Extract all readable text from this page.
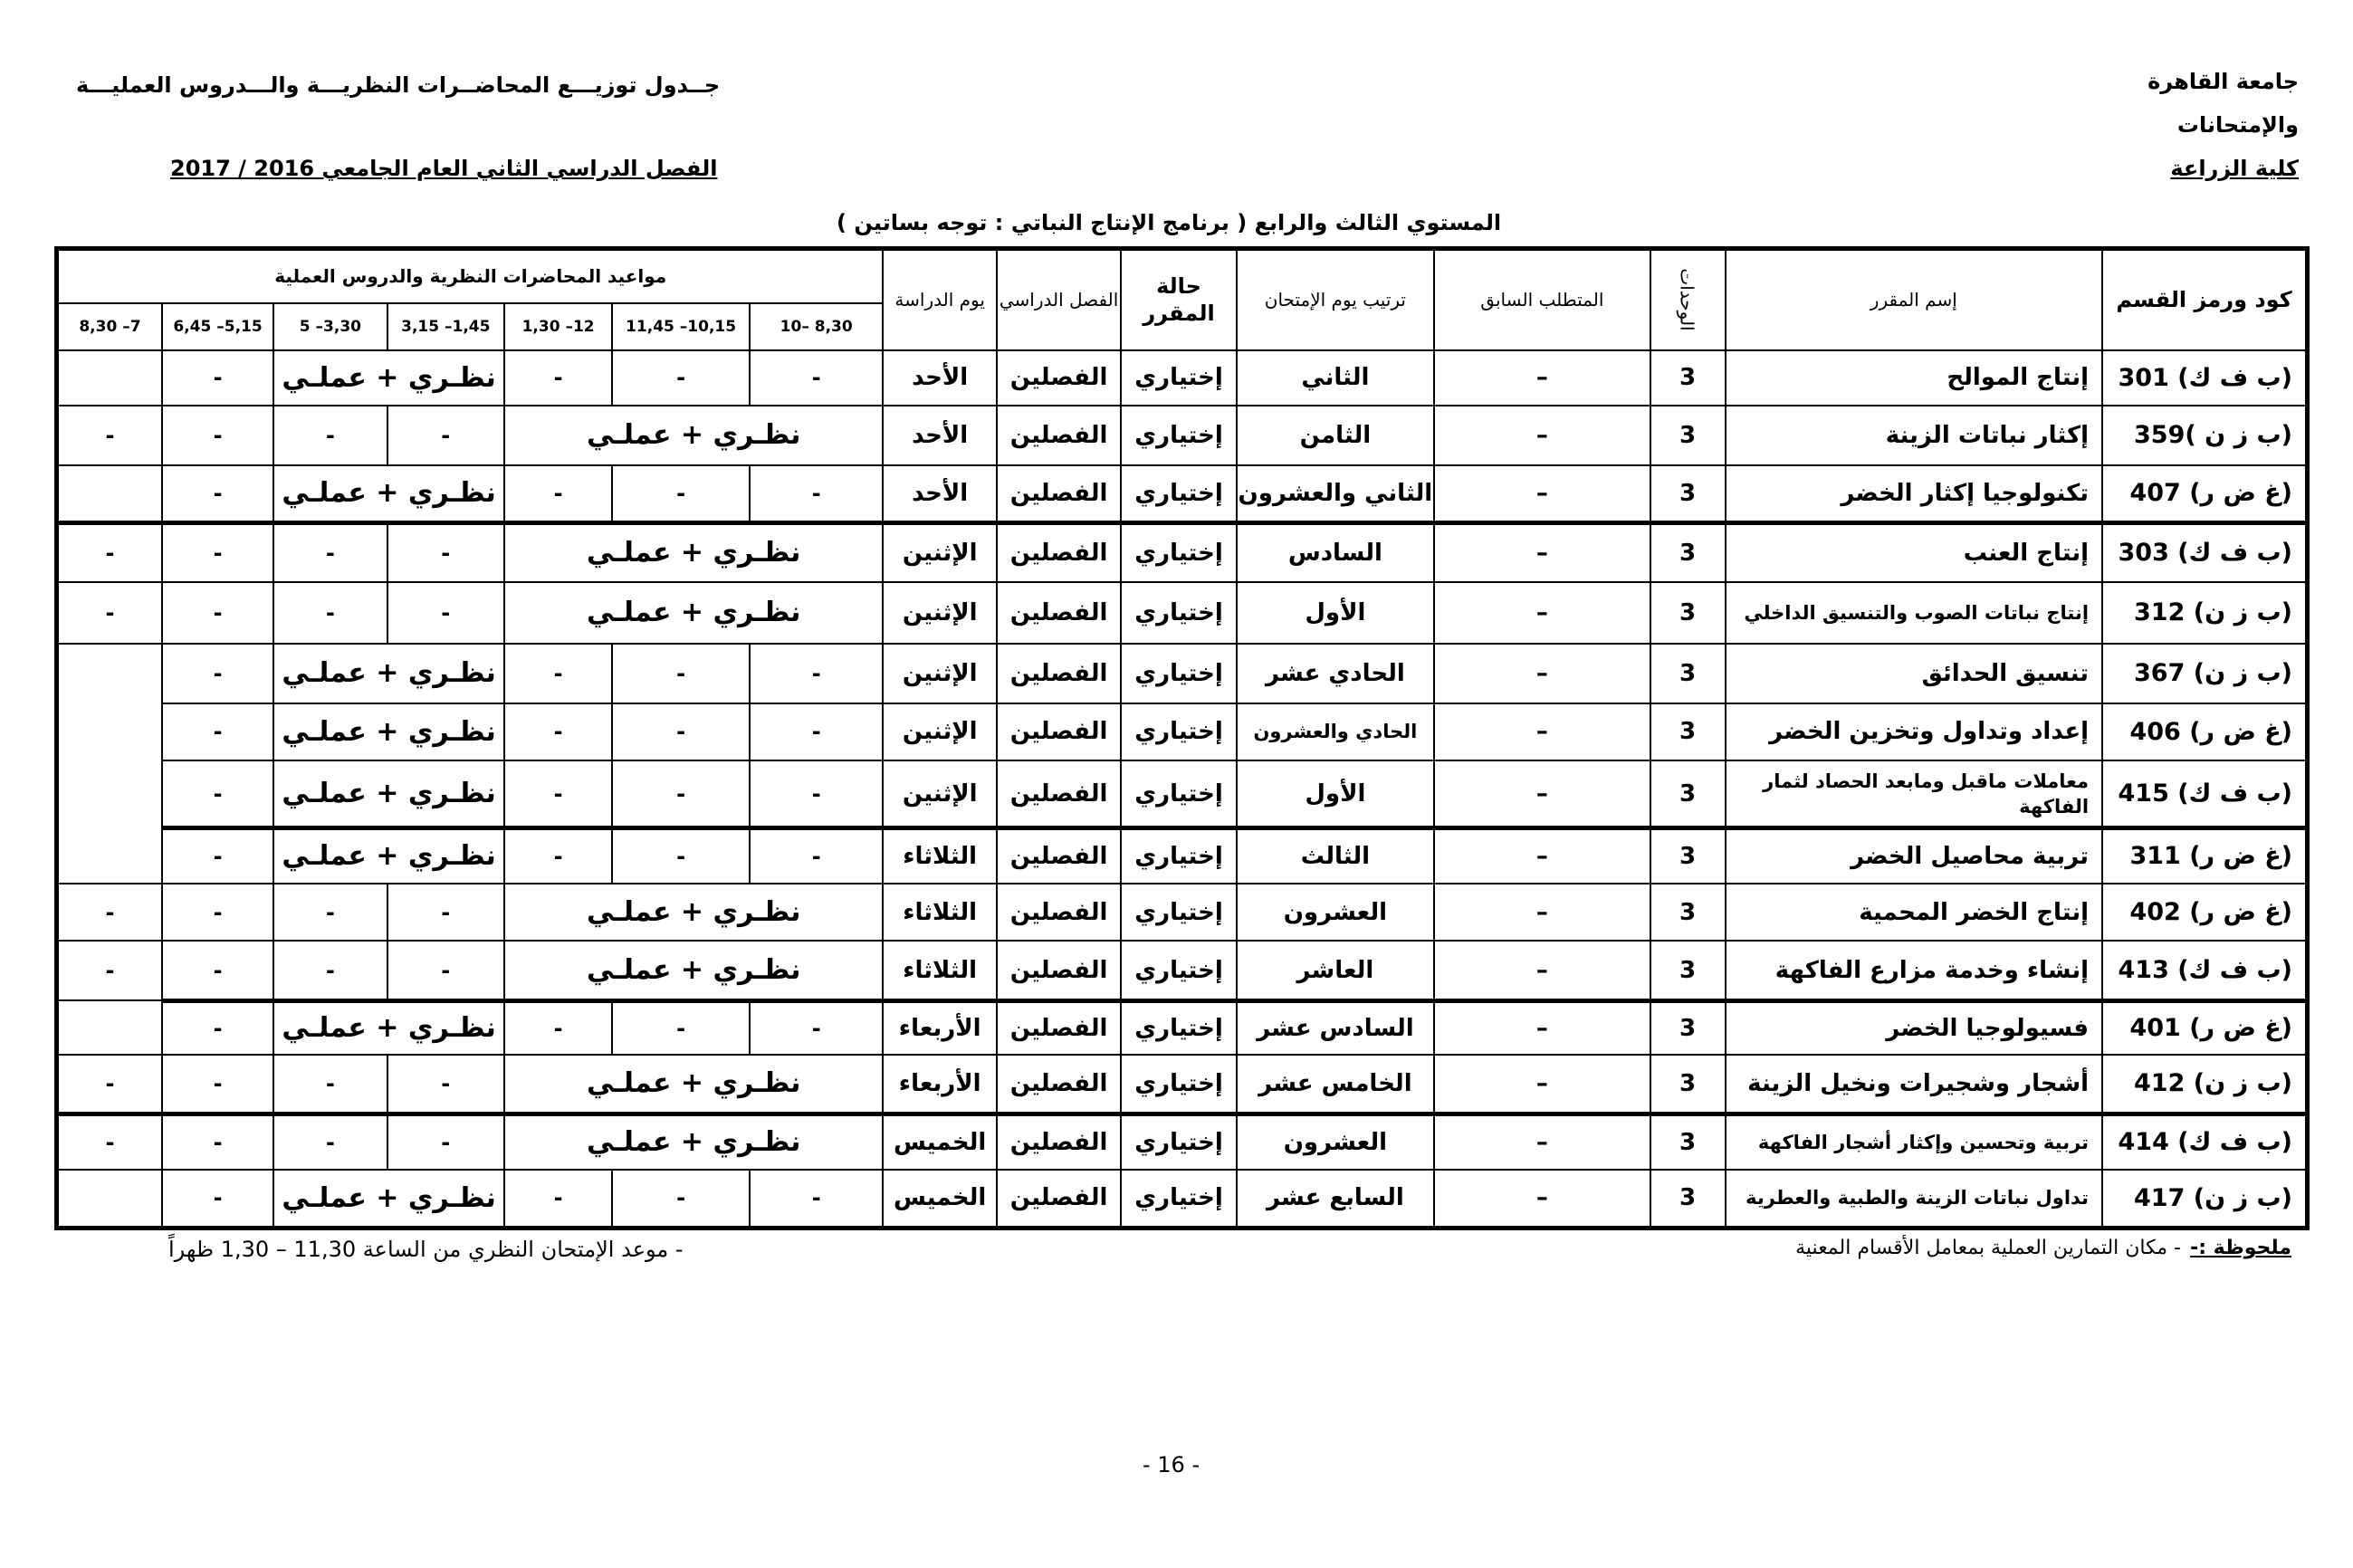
جامعة القاهرة
والإمتحانات
كلية الزراعة
جــدول توزيـــع المحاضــرات النظريـــة والـــدروس العمليـــة
الفصل الدراسي الثاني العام الجامعي 2016 / 2017
المستوي الثالث والرابع ( برنامج الإنتاج النباتي : توجه بساتين )
كود ورمز القسم	إسم المقرر	الوحدات	المتطلب السابق	ترتيب يوم الإمتحان	حالة المقرر	الفصل الدراسي	يوم الدراسة	مواعيد المحاضرات النظرية والدروس العملية						
								8,30 –10	10,15– 11,45	12– 1,30	1,45– 3,15	3,30– 5	5,15– 6,45	7– 8,30
(ب ف ك) 301	إنتاج الموالح	3	–	الثاني	إختياري	الفصلين	الأحد	-	-	-	نظـري + عملـي		-	
(ب ز ن )359	إكثار نباتات الزينة	3	–	الثامن	إختياري	الفصلين	الأحد	نظـري + عملـي			-	-	-	-
(غ ض ر) 407	تكنولوجيا إكثار الخضر	3	–	الثاني والعشرون	إختياري	الفصلين	الأحد	-	-	-	نظـري + عملـي		-	
(ب ف ك) 303	إنتاج العنب	3	–	السادس	إختياري	الفصلين	الإثنين	نظـري + عملـي			-	-	-	-
(ب ز ن) 312	إنتاج نباتات الصوب والتنسيق الداخلي	3	–	الأول	إختياري	الفصلين	الإثنين	نظـري + عملـي			-	-	-	-
(ب ز ن) 367	تنسيق الحدائق	3	–	الحادي عشر	إختياري	الفصلين	الإثنين	-	-	-	نظـري + عملـي		-	
(غ ض ر) 406	إعداد وتداول وتخزين الخضر	3	–	الحادي والعشرون	إختياري	الفصلين	الإثنين	-	-	-	نظـري + عملـي		-	
(ب ف ك) 415	معاملات ماقبل ومابعد الحصاد لثمار الفاكهة	3	–	الأول	إختياري	الفصلين	الإثنين	-	-	-	نظـري + عملـي		-	
(غ ض ر) 311	تربية محاصيل الخضر	3	–	الثالث	إختياري	الفصلين	الثلاثاء	-	-	-	نظـري + عملـي		-	
(غ ض ر) 402	إنتاج الخضر المحمية	3	–	العشرون	إختياري	الفصلين	الثلاثاء	نظـري + عملـي			-	-	-	-
(ب ف ك) 413	إنشاء وخدمة مزارع الفاكهة	3	–	العاشر	إختياري	الفصلين	الثلاثاء	نظـري + عملـي			-	-	-	-
(غ ض ر) 401	فسيولوجيا الخضر	3	–	السادس عشر	إختياري	الفصلين	الأربعاء	-	-	-	نظـري + عملـي		-	
(ب ز ن) 412	أشجار وشجيرات ونخيل الزينة	3	–	الخامس عشر	إختياري	الفصلين	الأربعاء	نظـري + عملـي			-	-	-	-
(ب ف ك) 414	تربية وتحسين وإكثار أشجار الفاكهة	3	–	العشرون	إختياري	الفصلين	الخميس	نظـري + عملـي			-	-	-	-
(ب ز ن) 417	تداول نباتات الزينة والطبية والعطرية	3	–	السابع عشر	إختياري	الفصلين	الخميس	-	-	-	نظـري + عملـي		-	
ملحوظة :-
- مكان التمارين العملية بمعامل الأقسام المعنية
- موعد الإمتحان النظري من الساعة 11,30 – 1,30 ظهراً
- 16 -
